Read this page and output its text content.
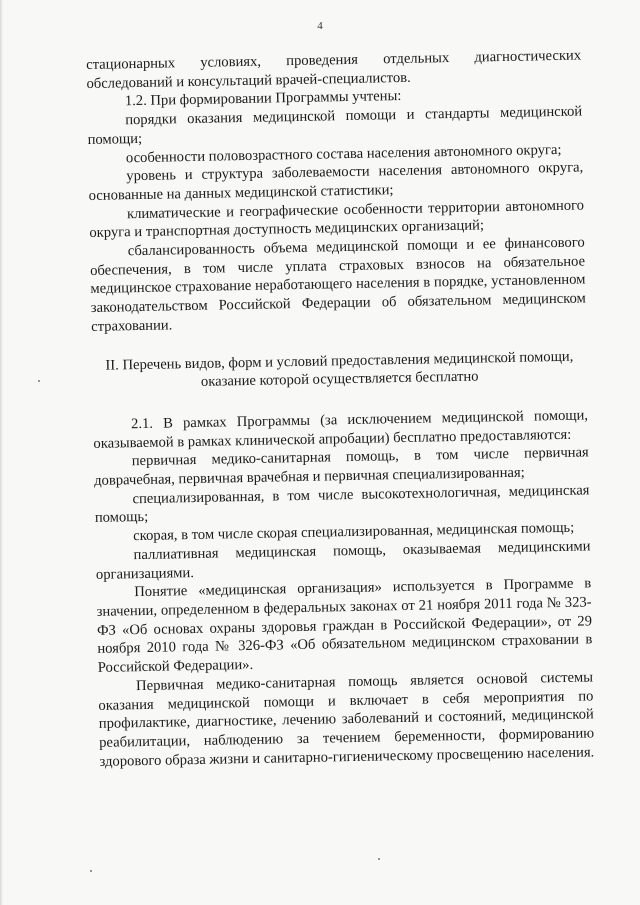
4

стационарных условиях, проведения отдельных диагностических обследований и консультаций врачей-специалистов.

1.2. При формировании Программы учтены:

порядки оказания медицинской помощи и стандарты медицинской помощи;

особенности половозрастного состава населения автономного округа;

уровень и структура заболеваемости населения автономного округа, основанные на данных медицинской статистики;

климатические и географические особенности территории автономного округа и транспортная доступность медицинских организаций;

сбалансированность объема медицинской помощи и ее финансового обеспечения, в том числе уплата страховых взносов на обязательное медицинское страхование неработающего населения в порядке, установленном законодательством Российской Федерации об обязательном медицинском страховании.

II. Перечень видов, форм и условий предоставления медицинской помощи,
оказание которой осуществляется бесплатно

2.1. В рамках Программы (за исключением медицинской помощи, оказываемой в рамках клинической апробации) бесплатно предоставляются:

первичная медико-санитарная помощь, в том числе первичная доврачебная, первичная врачебная и первичная специализированная;

специализированная, в том числе высокотехнологичная, медицинская помощь;

скорая, в том числе скорая специализированная, медицинская помощь;

паллиативная медицинская помощь, оказываемая медицинскими организациями.

Понятие «медицинская организация» используется в Программе в значении, определенном в федеральных законах от 21 ноября 2011 года № 323-ФЗ «Об основах охраны здоровья граждан в Российской Федерации», от 29 ноября 2010 года № 326-ФЗ «Об обязательном медицинском страховании в Российской Федерации».

Первичная медико-санитарная помощь является основой системы оказания медицинской помощи и включает в себя мероприятия по профилактике, диагностике, лечению заболеваний и состояний, медицинской реабилитации, наблюдению за течением беременности, формированию здорового образа жизни и санитарно-гигиеническому просвещению населения.
